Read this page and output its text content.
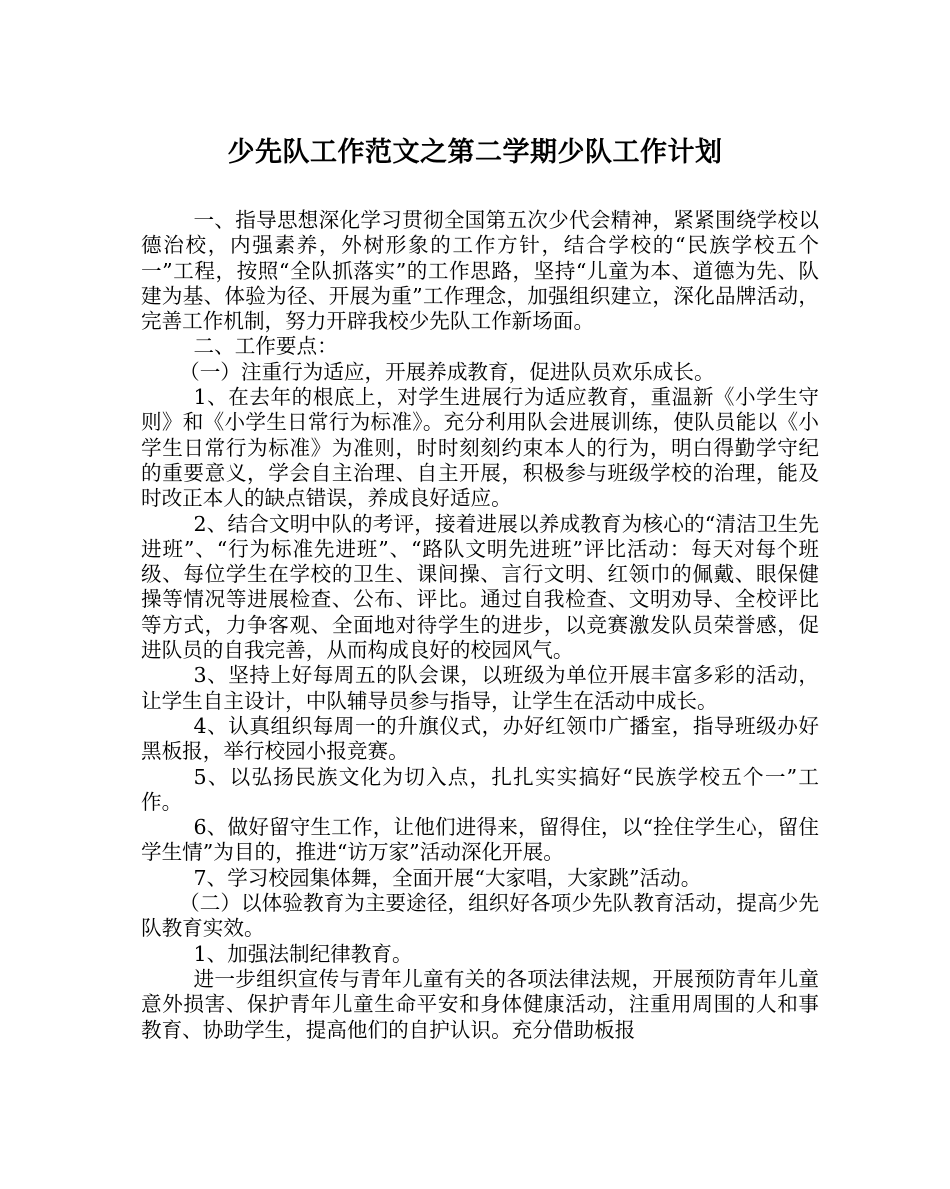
少先队工作范文之第二学期少队工作计划

一、指导思想深化学习贯彻全国第五次少代会精神，紧紧围绕学校以德治校，内强素养，外树形象的工作方针，结合学校的“民族学校五个一”工程，按照“全队抓落实”的工作思路，坚持“儿童为本、道德为先、队建为基、体验为径、开展为重”工作理念，加强组织建立，深化品牌活动，完善工作机制，努力开辟我校少先队工作新场面。

二、工作要点：

（一）注重行为适应，开展养成教育，促进队员欢乐成长。

1、在去年的根底上，对学生进展行为适应教育，重温新《小学生守则》和《小学生日常行为标准》。充分利用队会进展训练，使队员能以《小学生日常行为标准》为准则，时时刻刻约束本人的行为，明白得勤学守纪的重要意义，学会自主治理、自主开展，积极参与班级学校的治理，能及时改正本人的缺点错误，养成良好适应。

2、结合文明中队的考评，接着进展以养成教育为核心的“清洁卫生先进班”、“行为标准先进班”、“路队文明先进班”评比活动：每天对每个班级、每位学生在学校的卫生、课间操、言行文明、红领巾的佩戴、眼保健操等情况等进展检查、公布、评比。通过自我检查、文明劝导、全校评比等方式，力争客观、全面地对待学生的进步，以竞赛激发队员荣誉感，促进队员的自我完善，从而构成良好的校园风气。

3、坚持上好每周五的队会课，以班级为单位开展丰富多彩的活动，让学生自主设计，中队辅导员参与指导，让学生在活动中成长。

4、认真组织每周一的升旗仪式，办好红领巾广播室，指导班级办好黑板报，举行校园小报竞赛。

5、以弘扬民族文化为切入点，扎扎实实搞好“民族学校五个一”工作。

6、做好留守生工作，让他们进得来，留得住，以“拴住学生心，留住学生情”为目的，推进“访万家”活动深化开展。

7、学习校园集体舞，全面开展“大家唱，大家跳”活动。

（二）以体验教育为主要途径，组织好各项少先队教育活动，提高少先队教育实效。

1、加强法制纪律教育。

进一步组织宣传与青年儿童有关的各项法律法规，开展预防青年儿童意外损害、保护青年儿童生命平安和身体健康活动，注重用周围的人和事教育、协助学生，提高他们的自护认识。充分借助板报
